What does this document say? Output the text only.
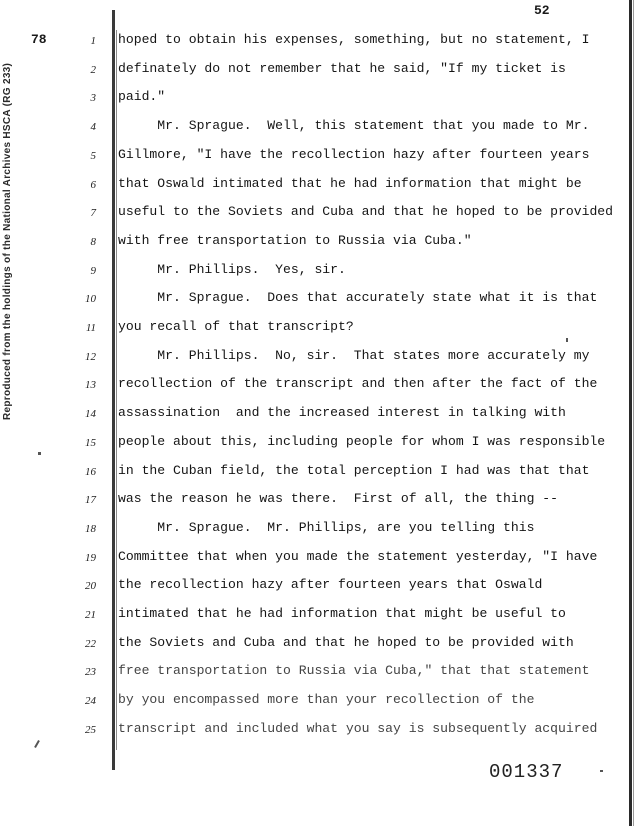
52
78
Reproduced from the holdings of the National Archives HSCA (RG 233)
1 hoped to obtain his expenses, something, but no statement, I
2 definately do not remember that he said, "If my ticket is
3 paid."
4 Mr. Sprague.  Well, this statement that you made to Mr.
5 Gillmore, "I have the recollection hazy after fourteen years
6 that Oswald intimated that he had information that might be
7 useful to the Soviets and Cuba and that he hoped to be provided
8 with free transportation to Russia via Cuba."
9 Mr. Phillips.  Yes, sir.
10 Mr. Sprague.  Does that accurately state what it is that
11 you recall of that transcript?
12 Mr. Phillips.  No, sir.  That states more accurately my
13 recollection of the transcript and then after the fact of the
14 assassination  and the increased interest in talking with
15 people about this, including people for whom I was responsible
16 in the Cuban field, the total perception I had was that that
17 was the reason he was there.  First of all, the thing --
18 Mr. Sprague.  Mr. Phillips, are you telling this
19 Committee that when you made the statement yesterday, "I have
20 the recollection hazy after fourteen years that Oswald
21 intimated that he had information that might be useful to
22 the Soviets and Cuba and that he hoped to be provided with
23 free transportation to Russia via Cuba," that that statement
24 by you encompassed more than your recollection of the
25 transcript and included what you say is subsequently acquired
001337
